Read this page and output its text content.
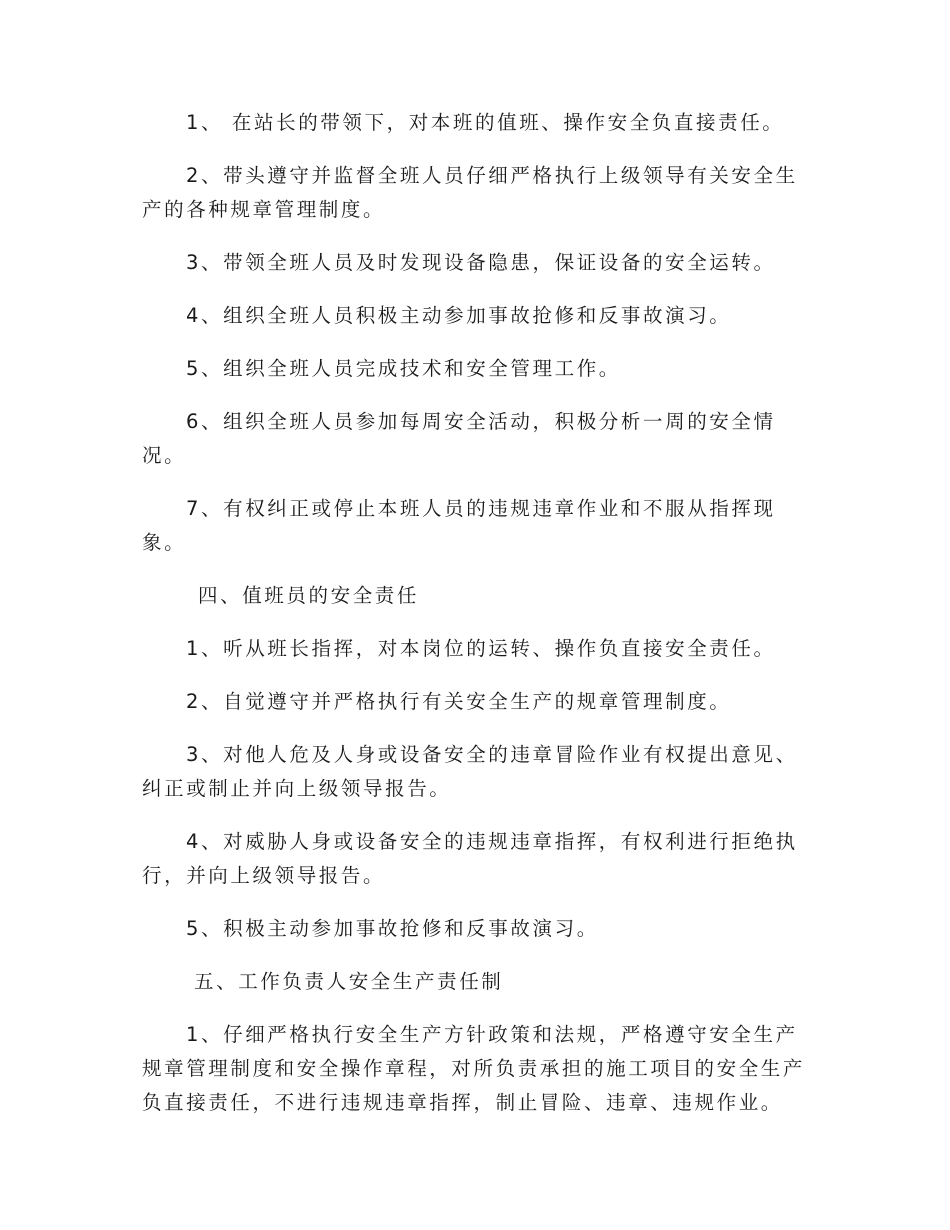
1、 在站长的带领下，对本班的值班、操作安全负直接责任。

2、带头遵守并监督全班人员仔细严格执行上级领导有关安全生产的各种规章管理制度。

3、带领全班人员及时发现设备隐患，保证设备的安全运转。

4、组织全班人员积极主动参加事故抢修和反事故演习。

5、组织全班人员完成技术和安全管理工作。

6、组织全班人员参加每周安全活动，积极分析一周的安全情况。

7、有权纠正或停止本班人员的违规违章作业和不服从指挥现象。

四、值班员的安全责任

1、听从班长指挥，对本岗位的运转、操作负直接安全责任。

2、自觉遵守并严格执行有关安全生产的规章管理制度。

3、对他人危及人身或设备安全的违章冒险作业有权提出意见、纠正或制止并向上级领导报告。

4、对威胁人身或设备安全的违规违章指挥，有权利进行拒绝执行，并向上级领导报告。

5、积极主动参加事故抢修和反事故演习。

五、工作负责人安全生产责任制

1、仔细严格执行安全生产方针政策和法规，严格遵守安全生产规章管理制度和安全操作章程，对所负责承担的施工项目的安全生产负直接责任，不进行违规违章指挥，制止冒险、违章、违规作业。
